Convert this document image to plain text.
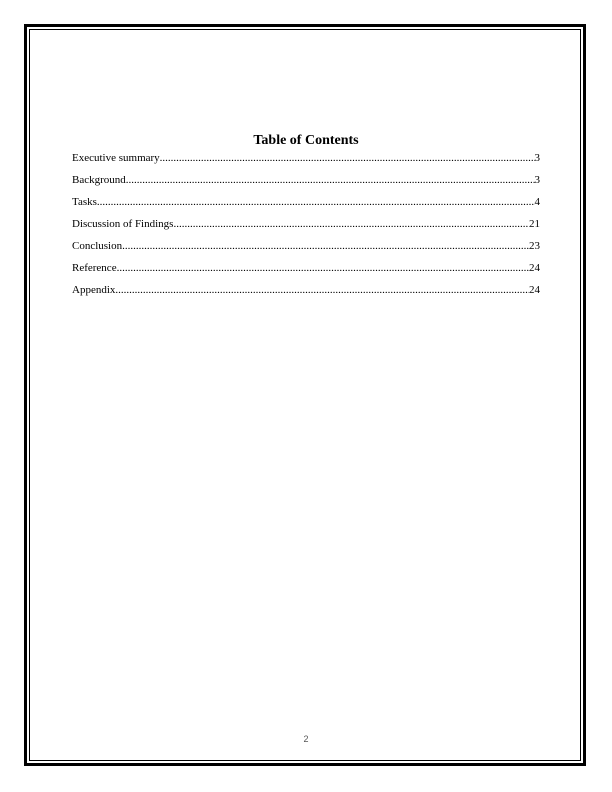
Table of Contents
Executive summary .....	3
Background .....	3
Tasks .....	4
Discussion of Findings .....	21
Conclusion .....	23
Reference .....	24
Appendix .....	24
2
